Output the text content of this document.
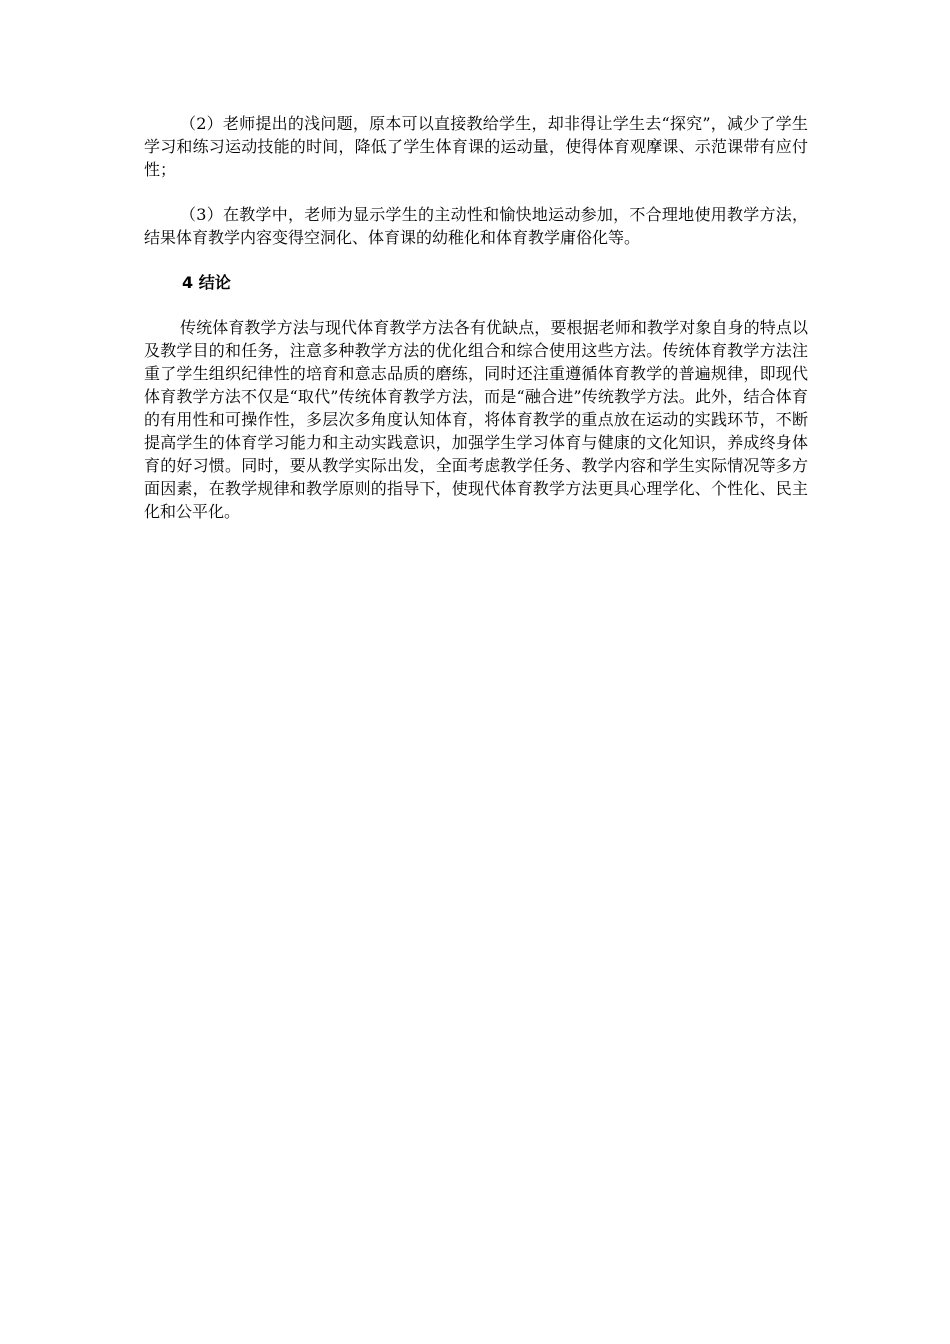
（2）老师提出的浅问题，原本可以直接教给学生，却非得让学生去“探究”，减少了学生学习和练习运动技能的时间，降低了学生体育课的运动量，使得体育观摩课、示范课带有应付性；

（3）在教学中，老师为显示学生的主动性和愉快地运动参加，不合理地使用教学方法，结果体育教学内容变得空洞化、体育课的幼稚化和体育教学庸俗化等。

4 结论

传统体育教学方法与现代体育教学方法各有优缺点，要根据老师和教学对象自身的特点以及教学目的和任务，注意多种教学方法的优化组合和综合使用这些方法。传统体育教学方法注重了学生组织纪律性的培育和意志品质的磨练，同时还注重遵循体育教学的普遍规律，即现代体育教学方法不仅是“取代”传统体育教学方法，而是“融合进”传统教学方法。此外，结合体育的有用性和可操作性，多层次多角度认知体育，将体育教学的重点放在运动的实践环节，不断提高学生的体育学习能力和主动实践意识，加强学生学习体育与健康的文化知识，养成终身体育的好习惯。同时，要从教学实际出发，全面考虑教学任务、教学内容和学生实际情况等多方面因素，在教学规律和教学原则的指导下，使现代体育教学方法更具心理学化、个性化、民主化和公平化。
